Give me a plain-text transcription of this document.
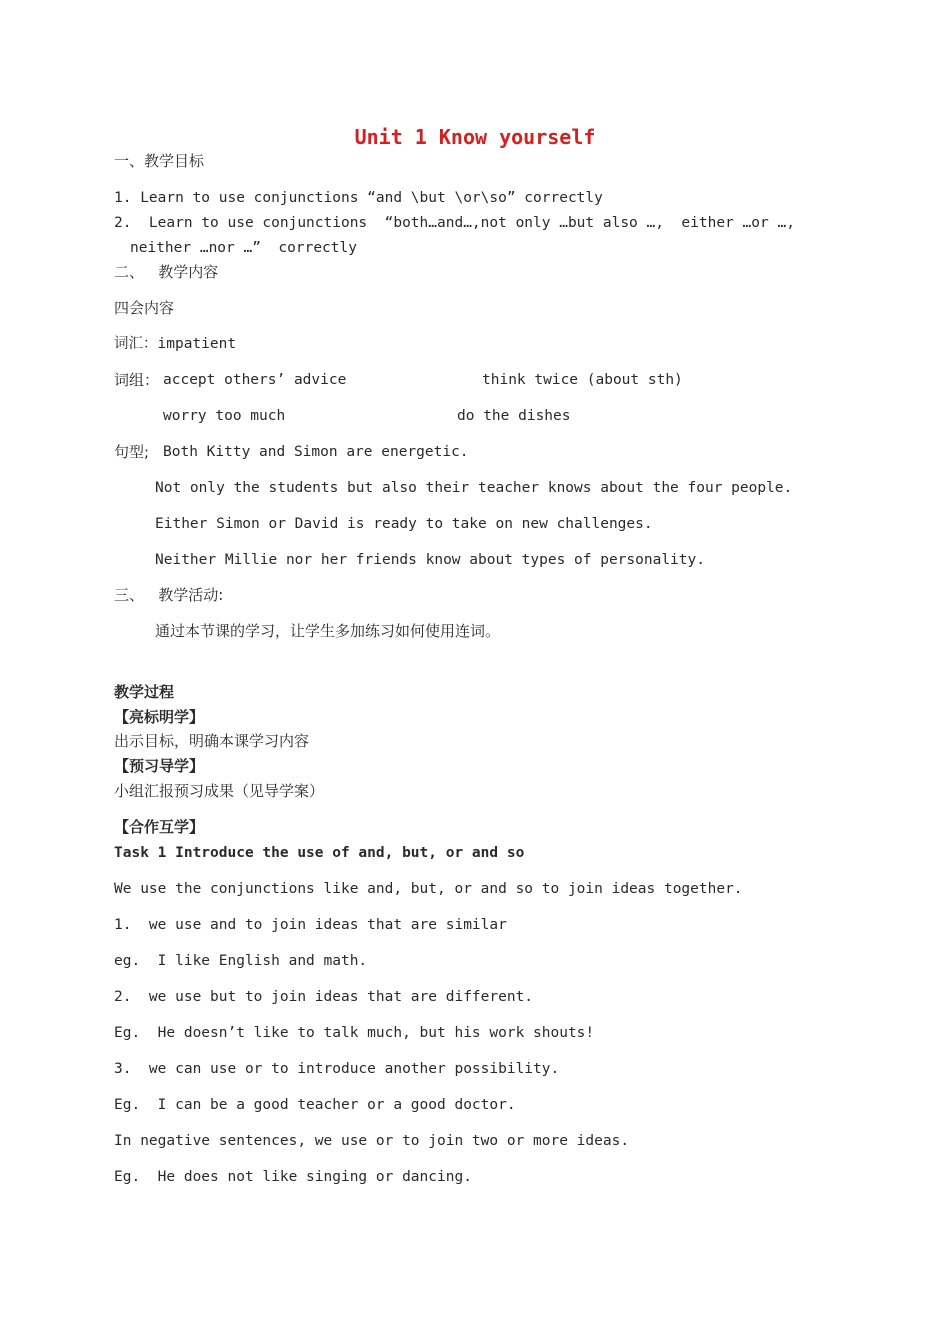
Unit 1 Know yourself
一、教学目标
1. Learn to use conjunctions “and \but \or\so” correctly
2.  Learn to use conjunctions  “both…and…,not only …but also …,  either …or …,
neither …nor …”  correctly
二、   教学内容
四会内容
词汇：impatient
词组： accept others’ advice	think twice (about sth)
worry too much	do the dishes
句型; Both Kitty and Simon are energetic.
Not only the students but also their teacher knows about the four people.
Either Simon or David is ready to take on new challenges.
Neither Millie nor her friends know about types of personality.
三、   教学活动:
通过本节课的学习，让学生多加练习如何使用连词。
教学过程
【亮标明学】
出示目标，明确本课学习内容
【预习导学】
小组汇报预习成果（见导学案）
【合作互学】
Task 1 Introduce the use of and, but, or and so
We use the conjunctions like and, but, or and so to join ideas together.
1.  we use and to join ideas that are similar
eg.  I like English and math.
2.  we use but to join ideas that are different.
Eg.  He doesn’t like to talk much, but his work shouts!
3.  we can use or to introduce another possibility.
Eg.  I can be a good teacher or a good doctor.
In negative sentences, we use or to join two or more ideas.
Eg.  He does not like singing or dancing.
